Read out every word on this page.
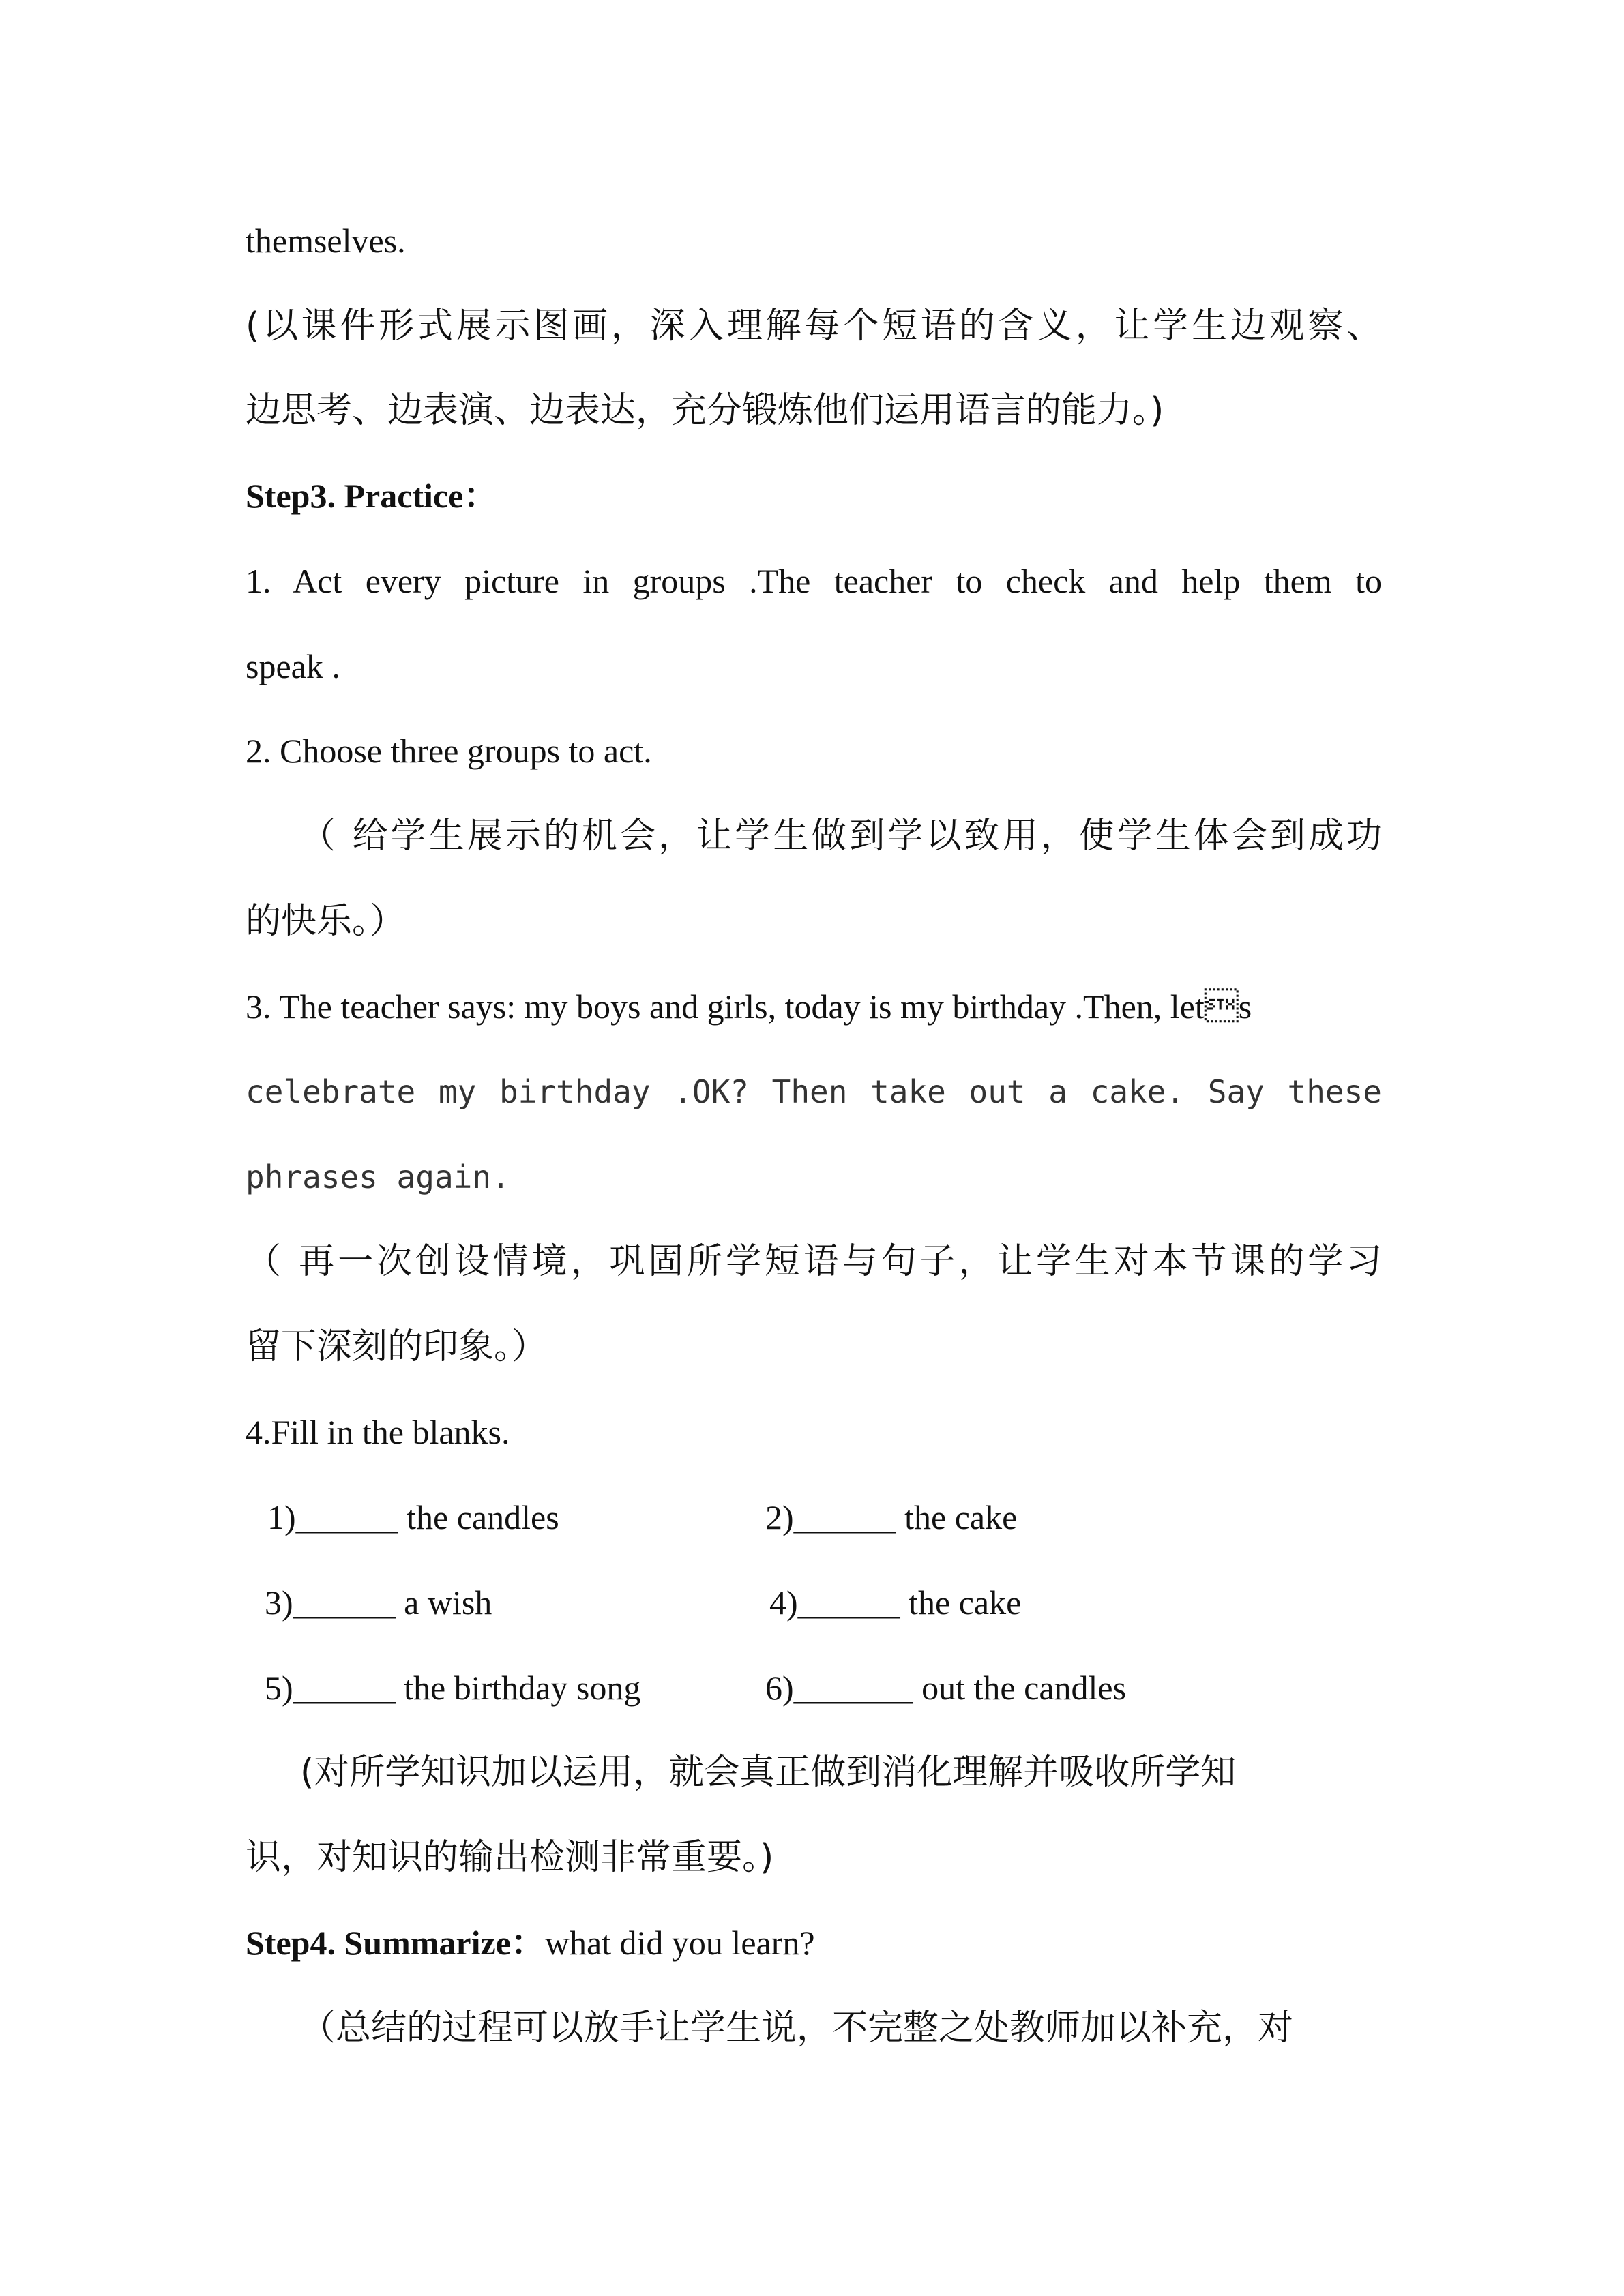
themselves.
(以课件形式展示图画，深入理解每个短语的含义，让学生边观察、
边思考、边表演、边表达，充分锻炼他们运用语言的能力。)
Step3. Practice：
1. Act every picture in groups .The teacher to check and help them to
speak .
2. Choose three groups to act.
（ 给学生展示的机会，让学生做到学以致用，使学生体会到成功
的快乐。）
3. The teacher says: my boys and girls, today is my birthday .Then, lets
celebrate my birthday .OK? Then take out a cake. Say these
phrases again.
（ 再一次创设情境，巩固所学短语与句子，让学生对本节课的学习
留下深刻的印象。）
4.Fill in the blanks.
1)______ the candles	2)______ the cake
3)______ a wish	4)______ the cake
5)______ the birthday song	6)_______ out the candles
(对所学知识加以运用，就会真正做到消化理解并吸收所学知
识，对知识的输出检测非常重要。)
Step4. Summarize：what did you learn?
（总结的过程可以放手让学生说，不完整之处教师加以补充，对
